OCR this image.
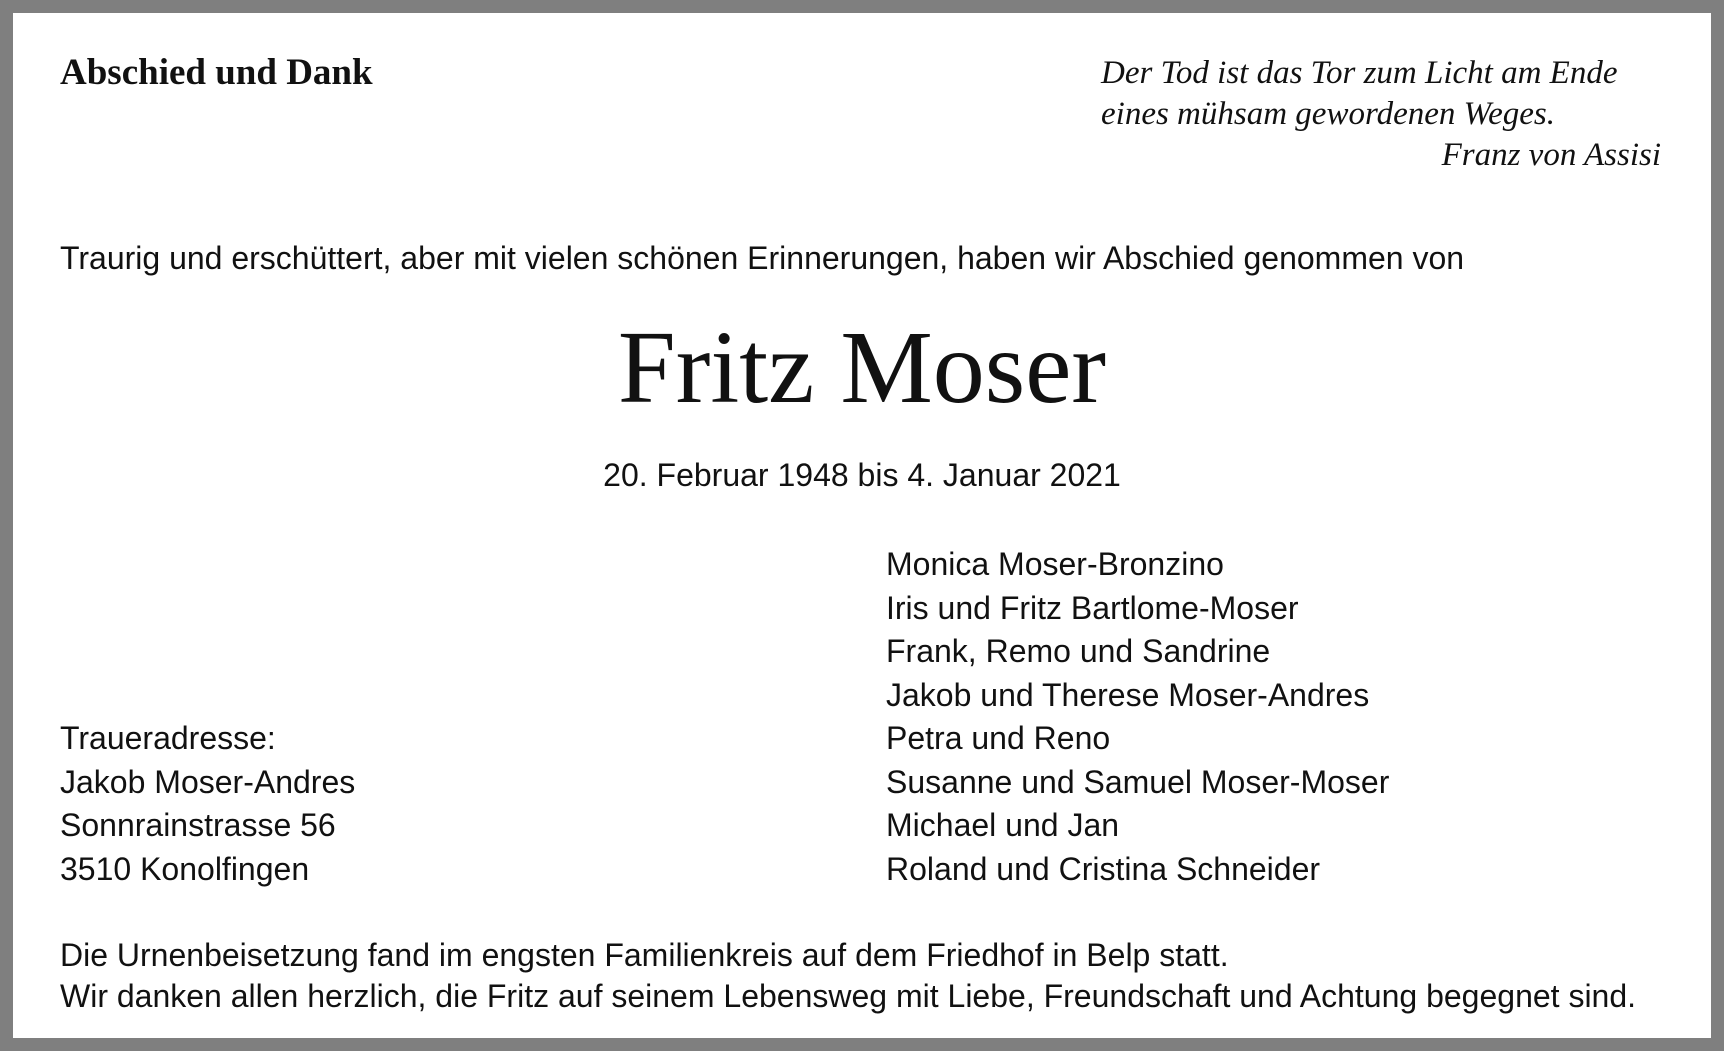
Abschied und Dank	Der Tod ist das Tor zum Licht am Ende
eines mühsam gewordenen Weges.
Franz von Assisi
Traurig und erschüttert, aber mit vielen schönen Erinnerungen, haben wir Abschied genommen von
Fritz Moser
20. Februar 1948 bis 4. Januar 2021
Monica Moser-Bronzino
Iris und Fritz Bartlome-Moser
Frank, Remo und Sandrine
Jakob und Therese Moser-Andres
Petra und Reno
Susanne und Samuel Moser-Moser
Michael und Jan
Roland und Cristina Schneider
Traueradresse:
Jakob Moser-Andres
Sonnrainstrasse 56
3510 Konolfingen
Die Urnenbeisetzung fand im engsten Familienkreis auf dem Friedhof in Belp statt.
Wir danken allen herzlich, die Fritz auf seinem Lebensweg mit Liebe, Freundschaft und Achtung begegnet sind.
